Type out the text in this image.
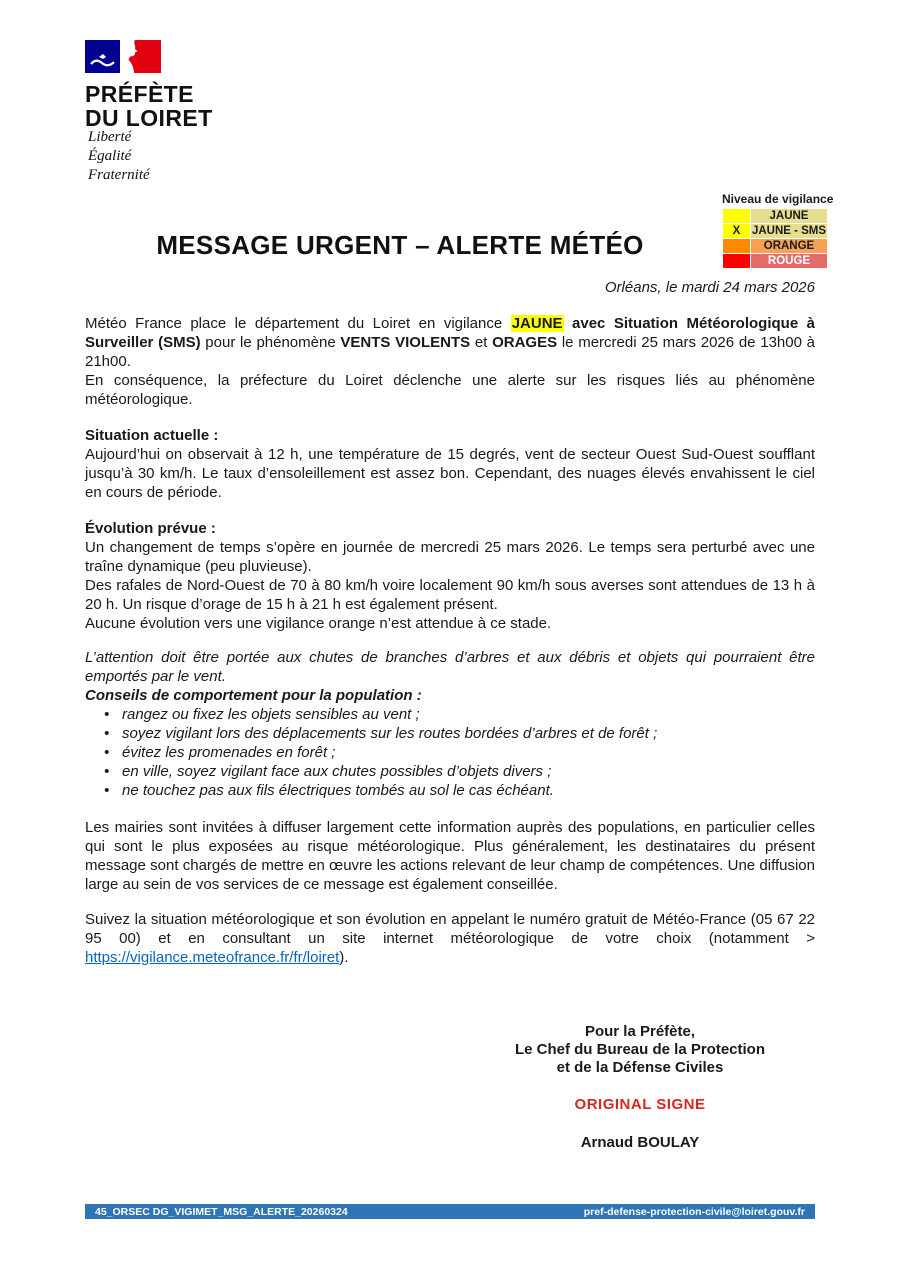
PRÉFÈTE
DU LOIRET
Liberté
Égalité
Fraternité
MESSAGE URGENT – ALERTE MÉTÉO
Niveau de vigilance
	JAUNE
X	JAUNE - SMS
	ORANGE
	ROUGE
Orléans, le mardi 24 mars 2026

Météo France place le département du Loiret en vigilance JAUNE avec Situation Météorologique à Surveiller (SMS) pour le phénomène VENTS VIOLENTS et ORAGES le mercredi 25 mars 2026 de 13h00 à 21h00.

En conséquence, la préfecture du Loiret déclenche une alerte sur les risques liés au phénomène météorologique.

Situation actuelle :

Aujourd’hui on observait à 12 h, une température de 15 degrés, vent de secteur Ouest Sud-Ouest soufflant jusqu’à 30 km/h. Le taux d’ensoleillement est assez bon. Cependant, des nuages élevés envahissent le ciel en cours de période.

Évolution prévue :

Un changement de temps s’opère en journée de mercredi 25 mars 2026. Le temps sera perturbé avec une traîne dynamique (peu pluvieuse).

Des rafales de Nord-Ouest de 70 à 80 km/h voire localement 90 km/h sous averses sont attendues de 13 h à 20 h. Un risque d’orage de 15 h à 21 h est également présent.

Aucune évolution vers une vigilance orange n’est attendue à ce stade.

L’attention doit être portée aux chutes de branches d’arbres et aux débris et objets qui pourraient être emportés par le vent.

Conseils de comportement pour la population :

• rangez ou fixez les objets sensibles au vent ;
• soyez vigilant lors des déplacements sur les routes bordées d’arbres et de forêt ;
• évitez les promenades en forêt ;
• en ville, soyez vigilant face aux chutes possibles d’objets divers ;
• ne touchez pas aux fils électriques tombés au sol le cas échéant.

Les mairies sont invitées à diffuser largement cette information auprès des populations, en particulier celles qui sont le plus exposées au risque météorologique. Plus généralement, les destinataires du présent message sont chargés de mettre en œuvre les actions relevant de leur champ de compétences. Une diffusion large au sein de vos services de ce message est également conseillée.

Suivez la situation météorologique et son évolution en appelant le numéro gratuit de Météo-France (05 67 22 95 00) et en consultant un site internet météorologique de votre choix (notamment > https://vigilance.meteofrance.fr/fr/loiret).

Pour la Préfète,
Le Chef du Bureau de la Protection
et de la Défense Civiles
ORIGINAL SIGNE
Arnaud BOULAY
45_ORSEC DG_VIGIMET_MSG_ALERTE_20260324	pref-defense-protection-civile@loiret.gouv.fr
